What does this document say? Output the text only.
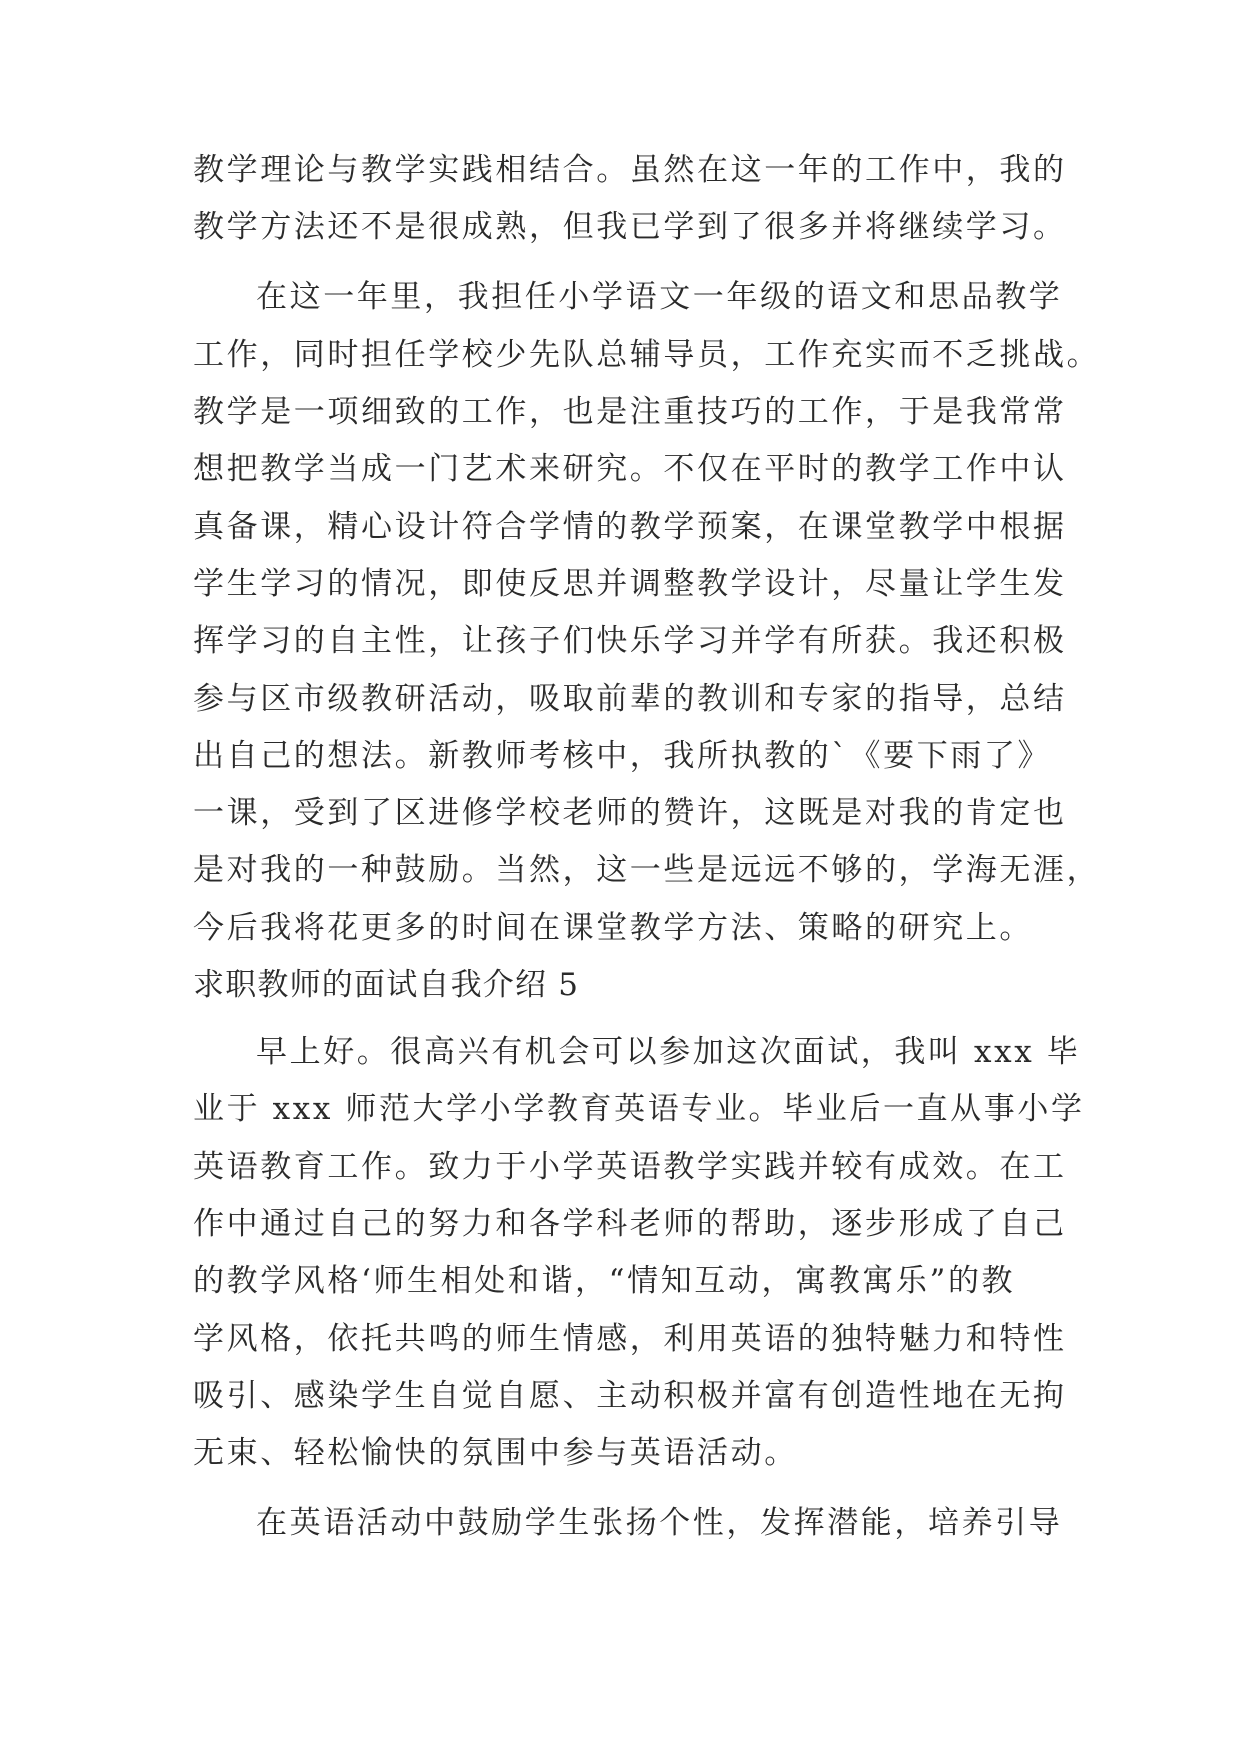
教学理论与教学实践相结合。虽然在这一年的工作中，我的
教学方法还不是很成熟，但我已学到了很多并将继续学习。
在这一年里，我担任小学语文一年级的语文和思品教学
工作，同时担任学校少先队总辅导员，工作充实而不乏挑战。
教学是一项细致的工作，也是注重技巧的工作，于是我常常
想把教学当成一门艺术来研究。不仅在平时的教学工作中认
真备课，精心设计符合学情的教学预案，在课堂教学中根据
学生学习的情况，即使反思并调整教学设计，尽量让学生发
挥学习的自主性，让孩子们快乐学习并学有所获。我还积极
参与区市级教研活动，吸取前辈的教训和专家的指导，总结
出自己的想法。新教师考核中，我所执教的`《要下雨了》
一课，受到了区进修学校老师的赞许，这既是对我的肯定也
是对我的一种鼓励。当然，这一些是远远不够的，学海无涯，
今后我将花更多的时间在课堂教学方法、策略的研究上。
求职教师的面试自我介绍 5
早上好。很高兴有机会可以参加这次面试，我叫 xxx 毕
业于 xxx 师范大学小学教育英语专业。毕业后一直从事小学
英语教育工作。致力于小学英语教学实践并较有成效。在工
作中通过自己的努力和各学科老师的帮助，逐步形成了自己
的教学风格‘师生相处和谐，“情知互动，寓教寓乐”的教
学风格，依托共鸣的师生情感，利用英语的独特魅力和特性
吸引、感染学生自觉自愿、主动积极并富有创造性地在无拘
无束、轻松愉快的氛围中参与英语活动。
在英语活动中鼓励学生张扬个性，发挥潜能，培养引导
